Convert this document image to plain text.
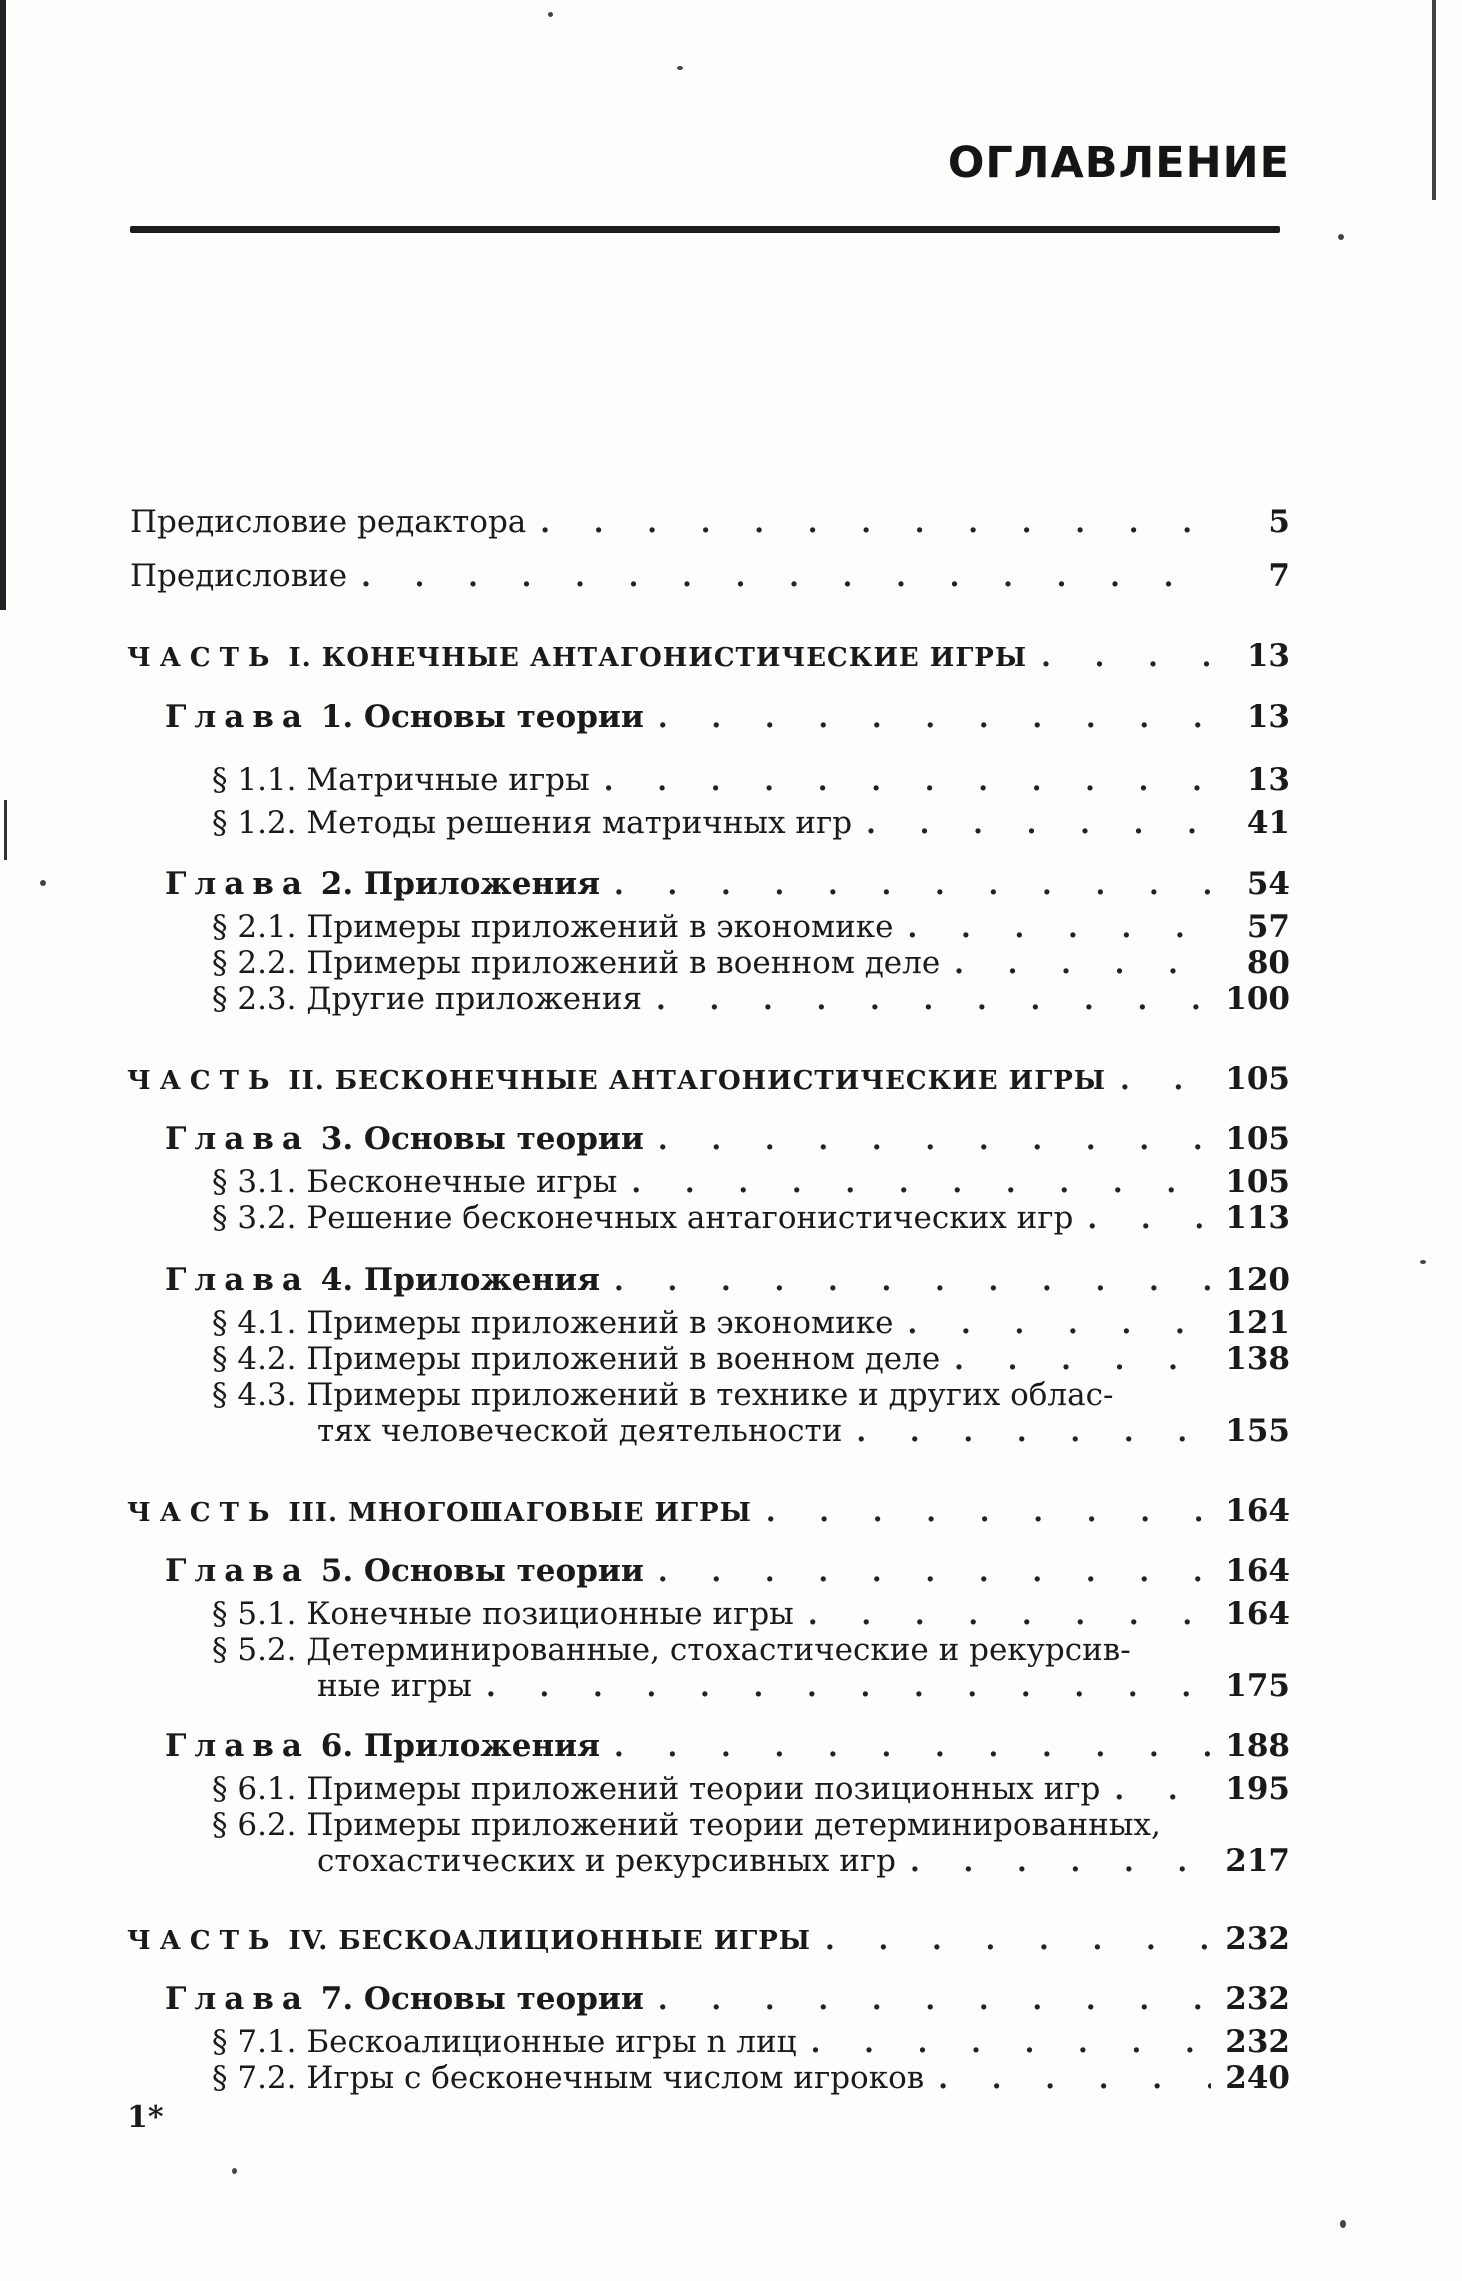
ОГЛАВЛЕНИЕ
Предисловие редактора . . .	5
Предисловие . . .	7
ЧАСТЬ I. КОНЕЧНЫЕ АНТАГОНИСТИЧЕСКИЕ ИГРЫ . . .	13
Глава 1. Основы теории . . .	13
§ 1.1. Матричные игры . . .	13
§ 1.2. Методы решения матричных игр . . .	41
Глава 2. Приложения . . .	54
§ 2.1. Примеры приложений в экономике . . .	57
§ 2.2. Примеры приложений в военном деле . . .	80
§ 2.3. Другие приложения . . .	100
ЧАСТЬ II. БЕСКОНЕЧНЫЕ АНТАГОНИСТИЧЕСКИЕ ИГРЫ . . .	105
Глава 3. Основы теории . . .	105
§ 3.1. Бесконечные игры . . .	105
§ 3.2. Решение бесконечных антагонистических игр . . .	113
Глава 4. Приложения . . .	120
§ 4.1. Примеры приложений в экономике . . .	121
§ 4.2. Примеры приложений в военном деле . . .	138
§ 4.3. Примеры приложений в технике и других облас-
тях человеческой деятельности . . .	155
ЧАСТЬ III. МНОГОШАГОВЫЕ ИГРЫ . . .	164
Глава 5. Основы теории . . .	164
§ 5.1. Конечные позиционные игры . . .	164
§ 5.2. Детерминированные, стохастические и рекурсив-
ные игры . . .	175
Глава 6. Приложения . . .	188
§ 6.1. Примеры приложений теории позиционных игр . . .	195
§ 6.2. Примеры приложений теории детерминированных,
стохастических и рекурсивных игр . . .	217
ЧАСТЬ IV. БЕСКОАЛИЦИОННЫЕ ИГРЫ . . .	232
Глава 7. Основы теории . . .	232
§ 7.1. Бескоалиционные игры n лиц . . .	232
§ 7.2. Игры с бесконечным числом игроков . . .	240
1*
